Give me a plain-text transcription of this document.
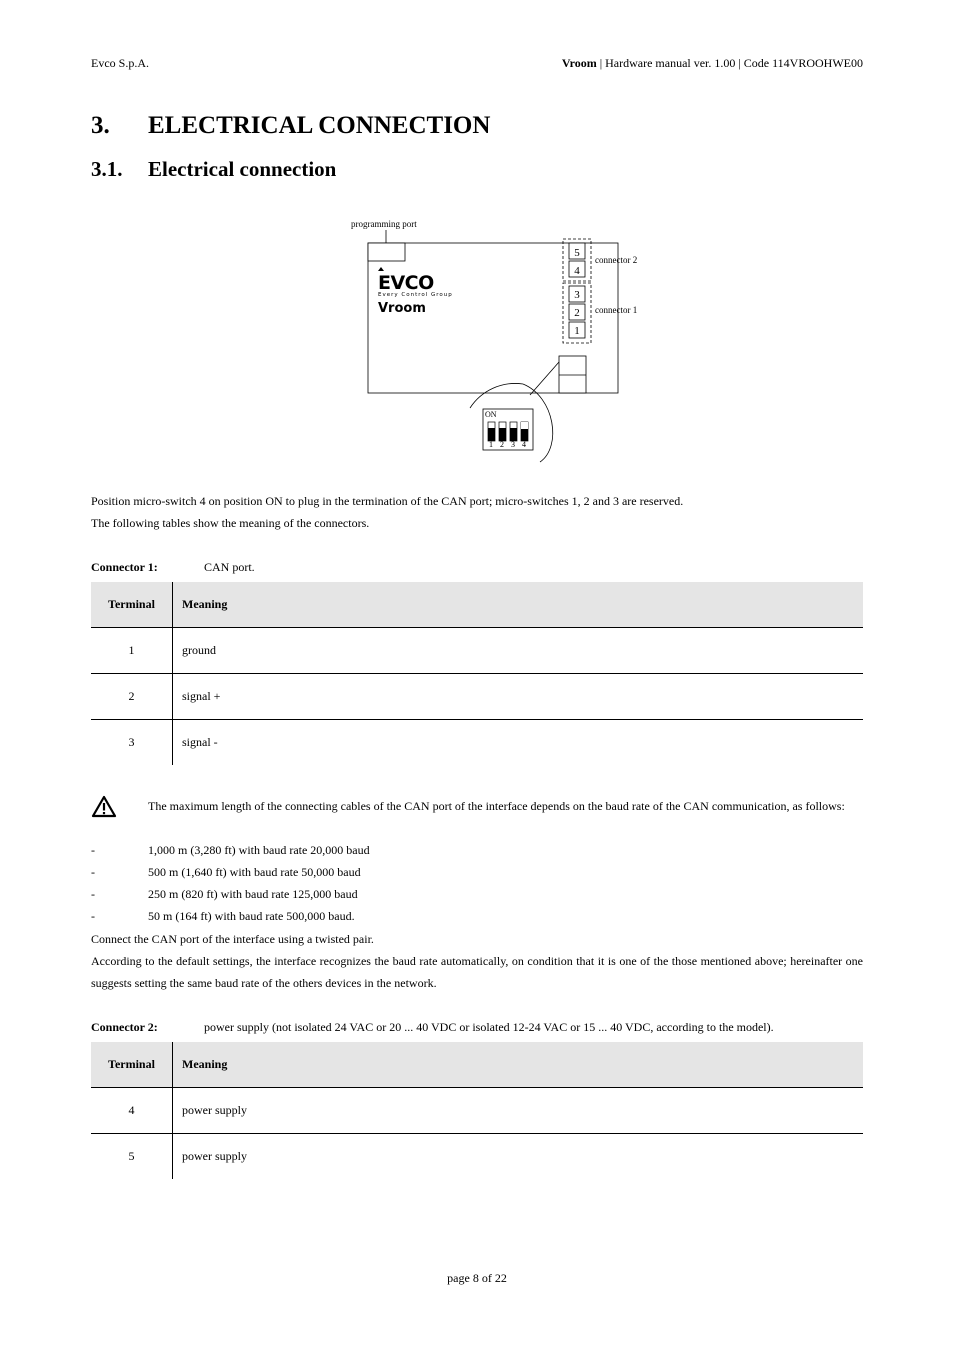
Evco S.p.A.	Vroom | Hardware manual ver. 1.00 | Code 114VROOHWE00
3. ELECTRICAL CONNECTION
3.1. Electrical connection
programming port
EVCO
Every Control Group
Vroom
5
4
connector 2
3
2
1
connector 1
ON
1 2 3 4
Position micro-switch 4 on position ON to plug in the termination of the CAN port; micro-switches 1, 2 and 3 are reserved.
The following tables show the meaning of the connectors.
Connector 1:	CAN port.
Terminal	Meaning
1	ground
2	signal +
3	signal -
The maximum length of the connecting cables of the CAN port of the interface depends on the baud rate of the CAN communication, as follows:
-	1,000 m (3,280 ft) with baud rate 20,000 baud
-	500 m (1,640 ft) with baud rate 50,000 baud
-	250 m (820 ft) with baud rate 125,000 baud
-	50 m (164 ft) with baud rate 500,000 baud.
Connect the CAN port of the interface using a twisted pair.
According to the default settings, the interface recognizes the baud rate automatically, on condition that it is one of the those mentioned above; hereinafter one suggests setting the same baud rate of the others devices in the network.
Connector 2:	power supply (not isolated 24 VAC or 20 ... 40 VDC or isolated 12-24 VAC or 15 ... 40 VDC, according to the model).
Terminal	Meaning
4	power supply
5	power supply
page 8 of 22
